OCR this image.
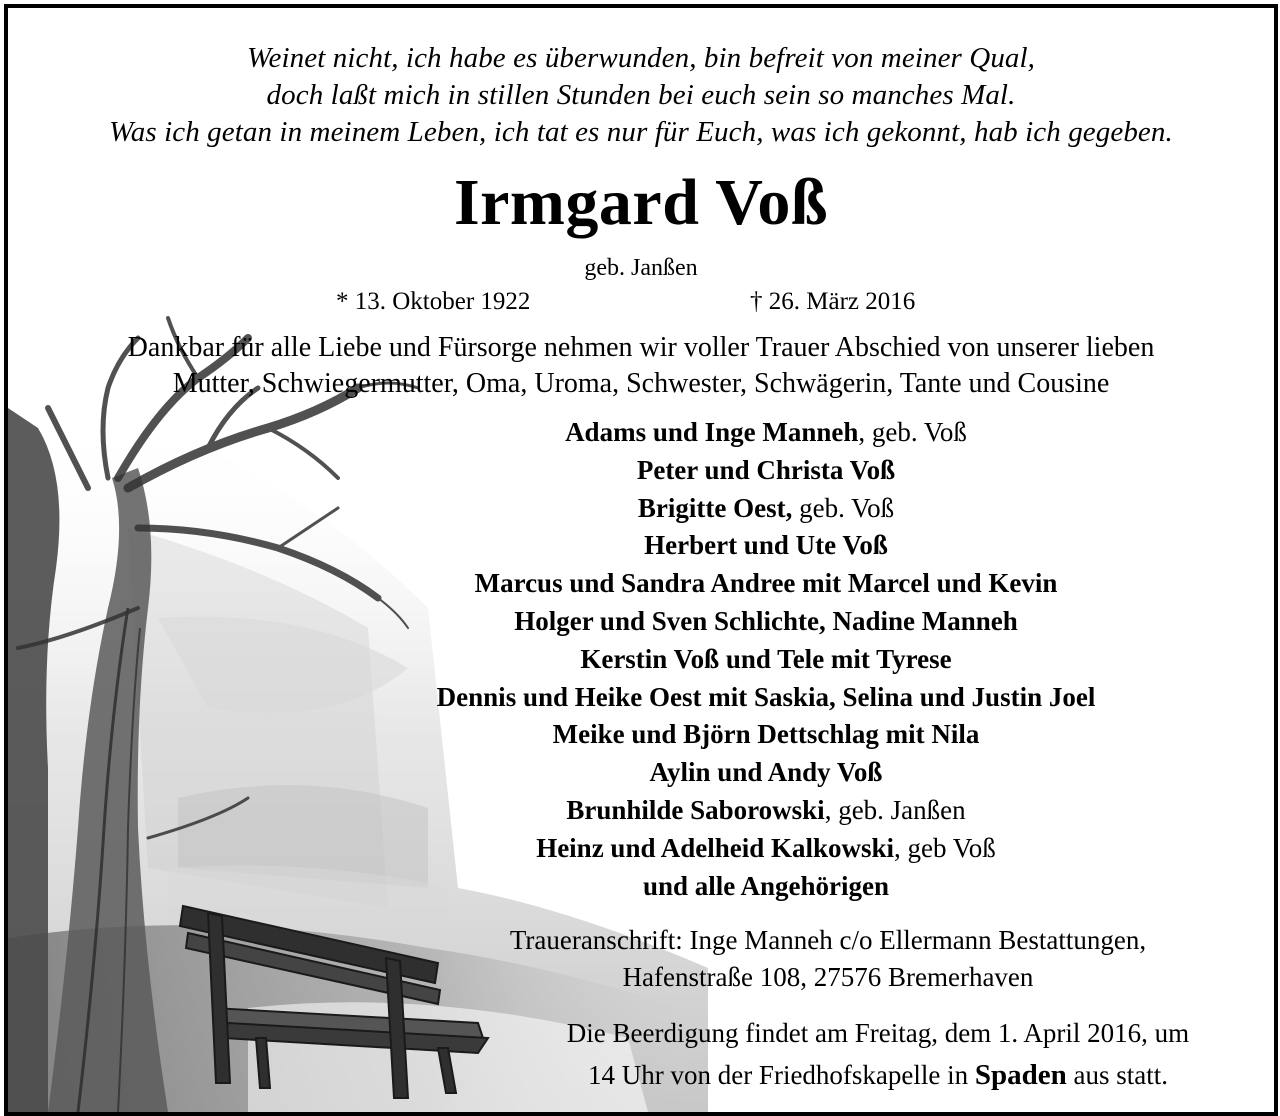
Weinet nicht, ich habe es überwunden, bin befreit von meiner Qual,
doch laßt mich in stillen Stunden bei euch sein so manches Mal.
Was ich getan in meinem Leben, ich tat es nur für Euch, was ich gekonnt, hab ich gegeben.
Irmgard Voß
geb. Janßen
* 13. Oktober 1922	† 26. März 2016
Dankbar für alle Liebe und Fürsorge nehmen wir voller Trauer Abschied von unserer lieben
Mutter, Schwiegermutter, Oma, Uroma, Schwester, Schwägerin, Tante und Cousine
Adams und Inge Manneh, geb. Voß
Peter und Christa Voß
Brigitte Oest, geb. Voß
Herbert und Ute Voß
Marcus und Sandra Andree mit Marcel und Kevin
Holger und Sven Schlichte, Nadine Manneh
Kerstin Voß und Tele mit Tyrese
Dennis und Heike Oest mit Saskia, Selina und Justin Joel
Meike und Björn Dettschlag mit Nila
Aylin und Andy Voß
Brunhilde Saborowski, geb. Janßen
Heinz und Adelheid Kalkowski, geb Voß
und alle Angehörigen
Traueranschrift: Inge Manneh c/o Ellermann Bestattungen,
Hafenstraße 108, 27576 Bremerhaven
Die Beerdigung findet am Freitag, dem 1. April 2016, um
14 Uhr von der Friedhofskapelle in Spaden aus statt.
